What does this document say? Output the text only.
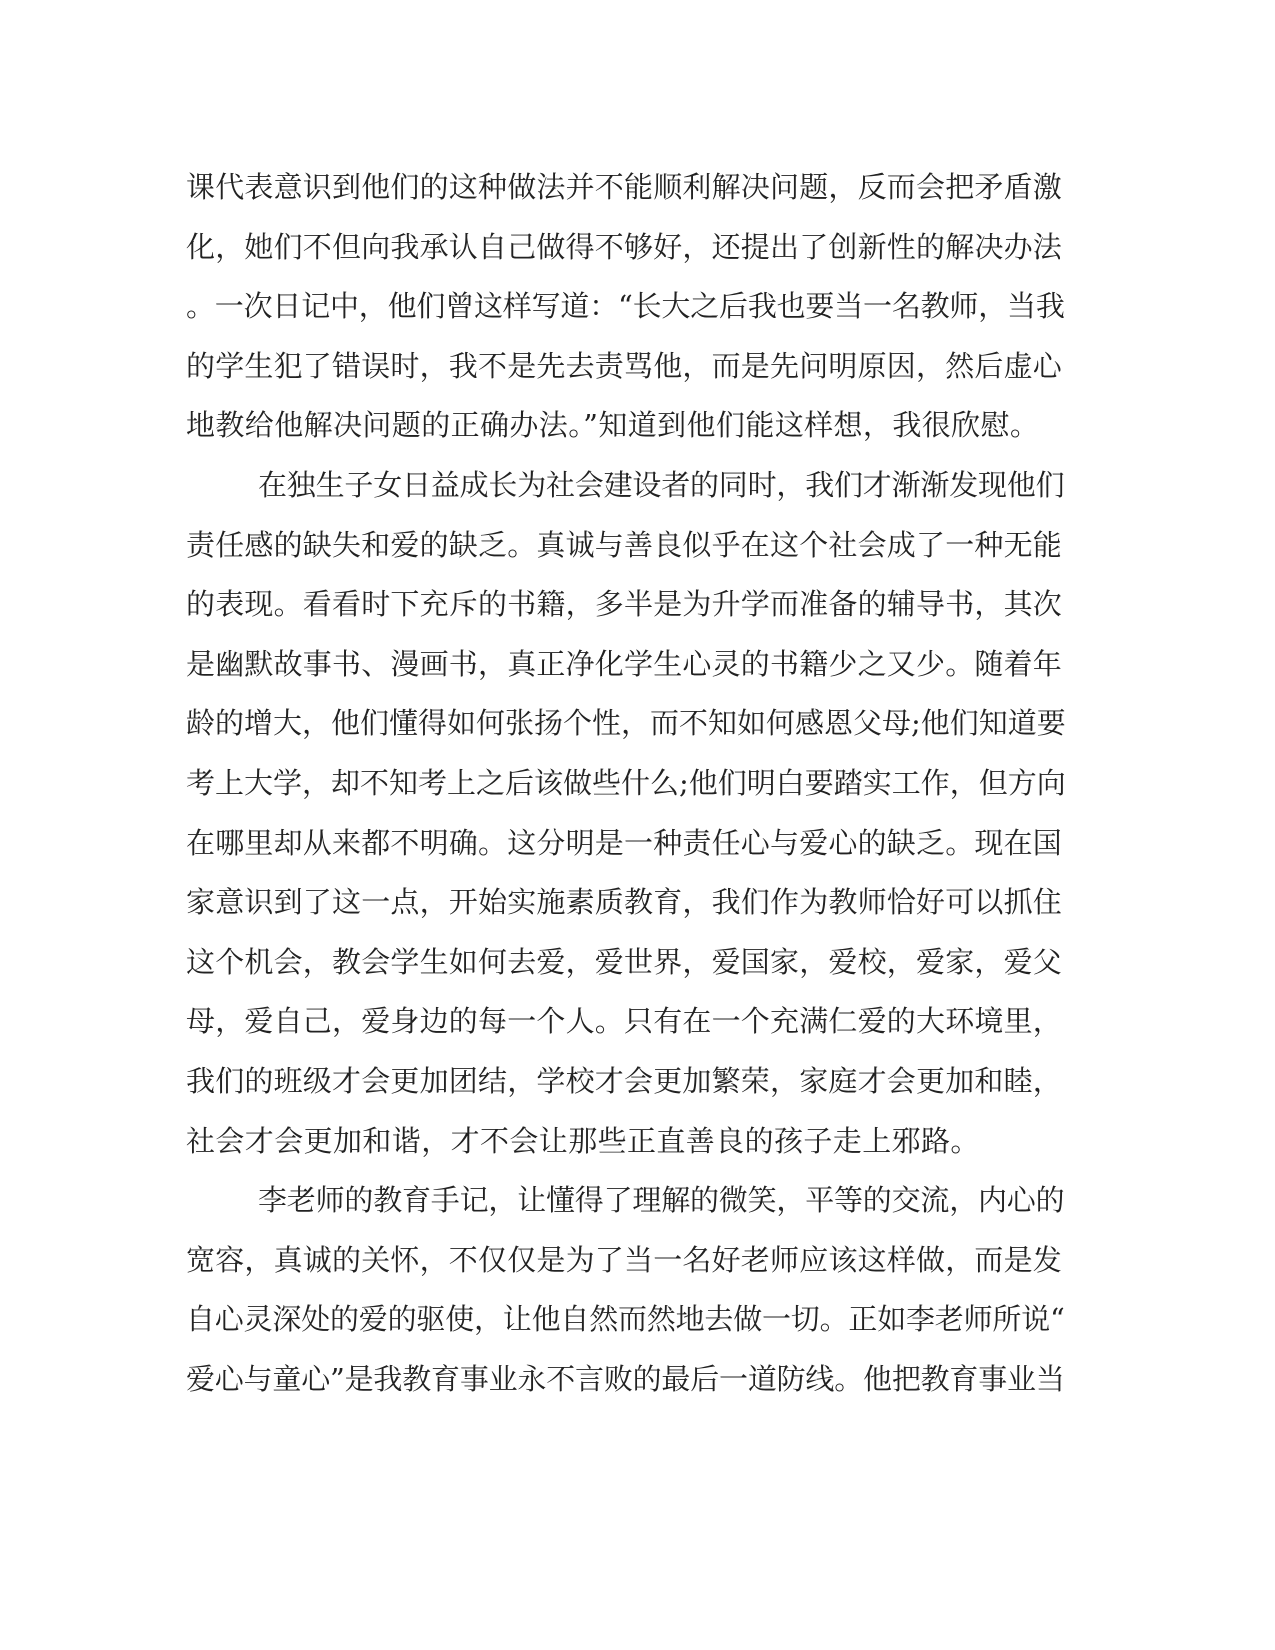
课代表意识到他们的这种做法并不能顺利解决问题，反而会把矛盾激
化，她们不但向我承认自己做得不够好，还提出了创新性的解决办法
。一次日记中，他们曾这样写道：“长大之后我也要当一名教师，当我
的学生犯了错误时，我不是先去责骂他，而是先问明原因，然后虚心
地教给他解决问题的正确办法。”知道到他们能这样想，我很欣慰。
在独生子女日益成长为社会建设者的同时，我们才渐渐发现他们
责任感的缺失和爱的缺乏。真诚与善良似乎在这个社会成了一种无能
的表现。看看时下充斥的书籍，多半是为升学而准备的辅导书，其次
是幽默故事书、漫画书，真正净化学生心灵的书籍少之又少。随着年
龄的增大，他们懂得如何张扬个性，而不知如何感恩父母;他们知道要
考上大学，却不知考上之后该做些什么;他们明白要踏实工作，但方向
在哪里却从来都不明确。这分明是一种责任心与爱心的缺乏。现在国
家意识到了这一点，开始实施素质教育，我们作为教师恰好可以抓住
这个机会，教会学生如何去爱，爱世界，爱国家，爱校，爱家，爱父
母，爱自己，爱身边的每一个人。只有在一个充满仁爱的大环境里，
我们的班级才会更加团结，学校才会更加繁荣，家庭才会更加和睦，
社会才会更加和谐，才不会让那些正直善良的孩子走上邪路。
李老师的教育手记，让懂得了理解的微笑，平等的交流，内心的
宽容，真诚的关怀，不仅仅是为了当一名好老师应该这样做，而是发
自心灵深处的爱的驱使，让他自然而然地去做一切。正如李老师所说“
爱心与童心”是我教育事业永不言败的最后一道防线。他把教育事业当
